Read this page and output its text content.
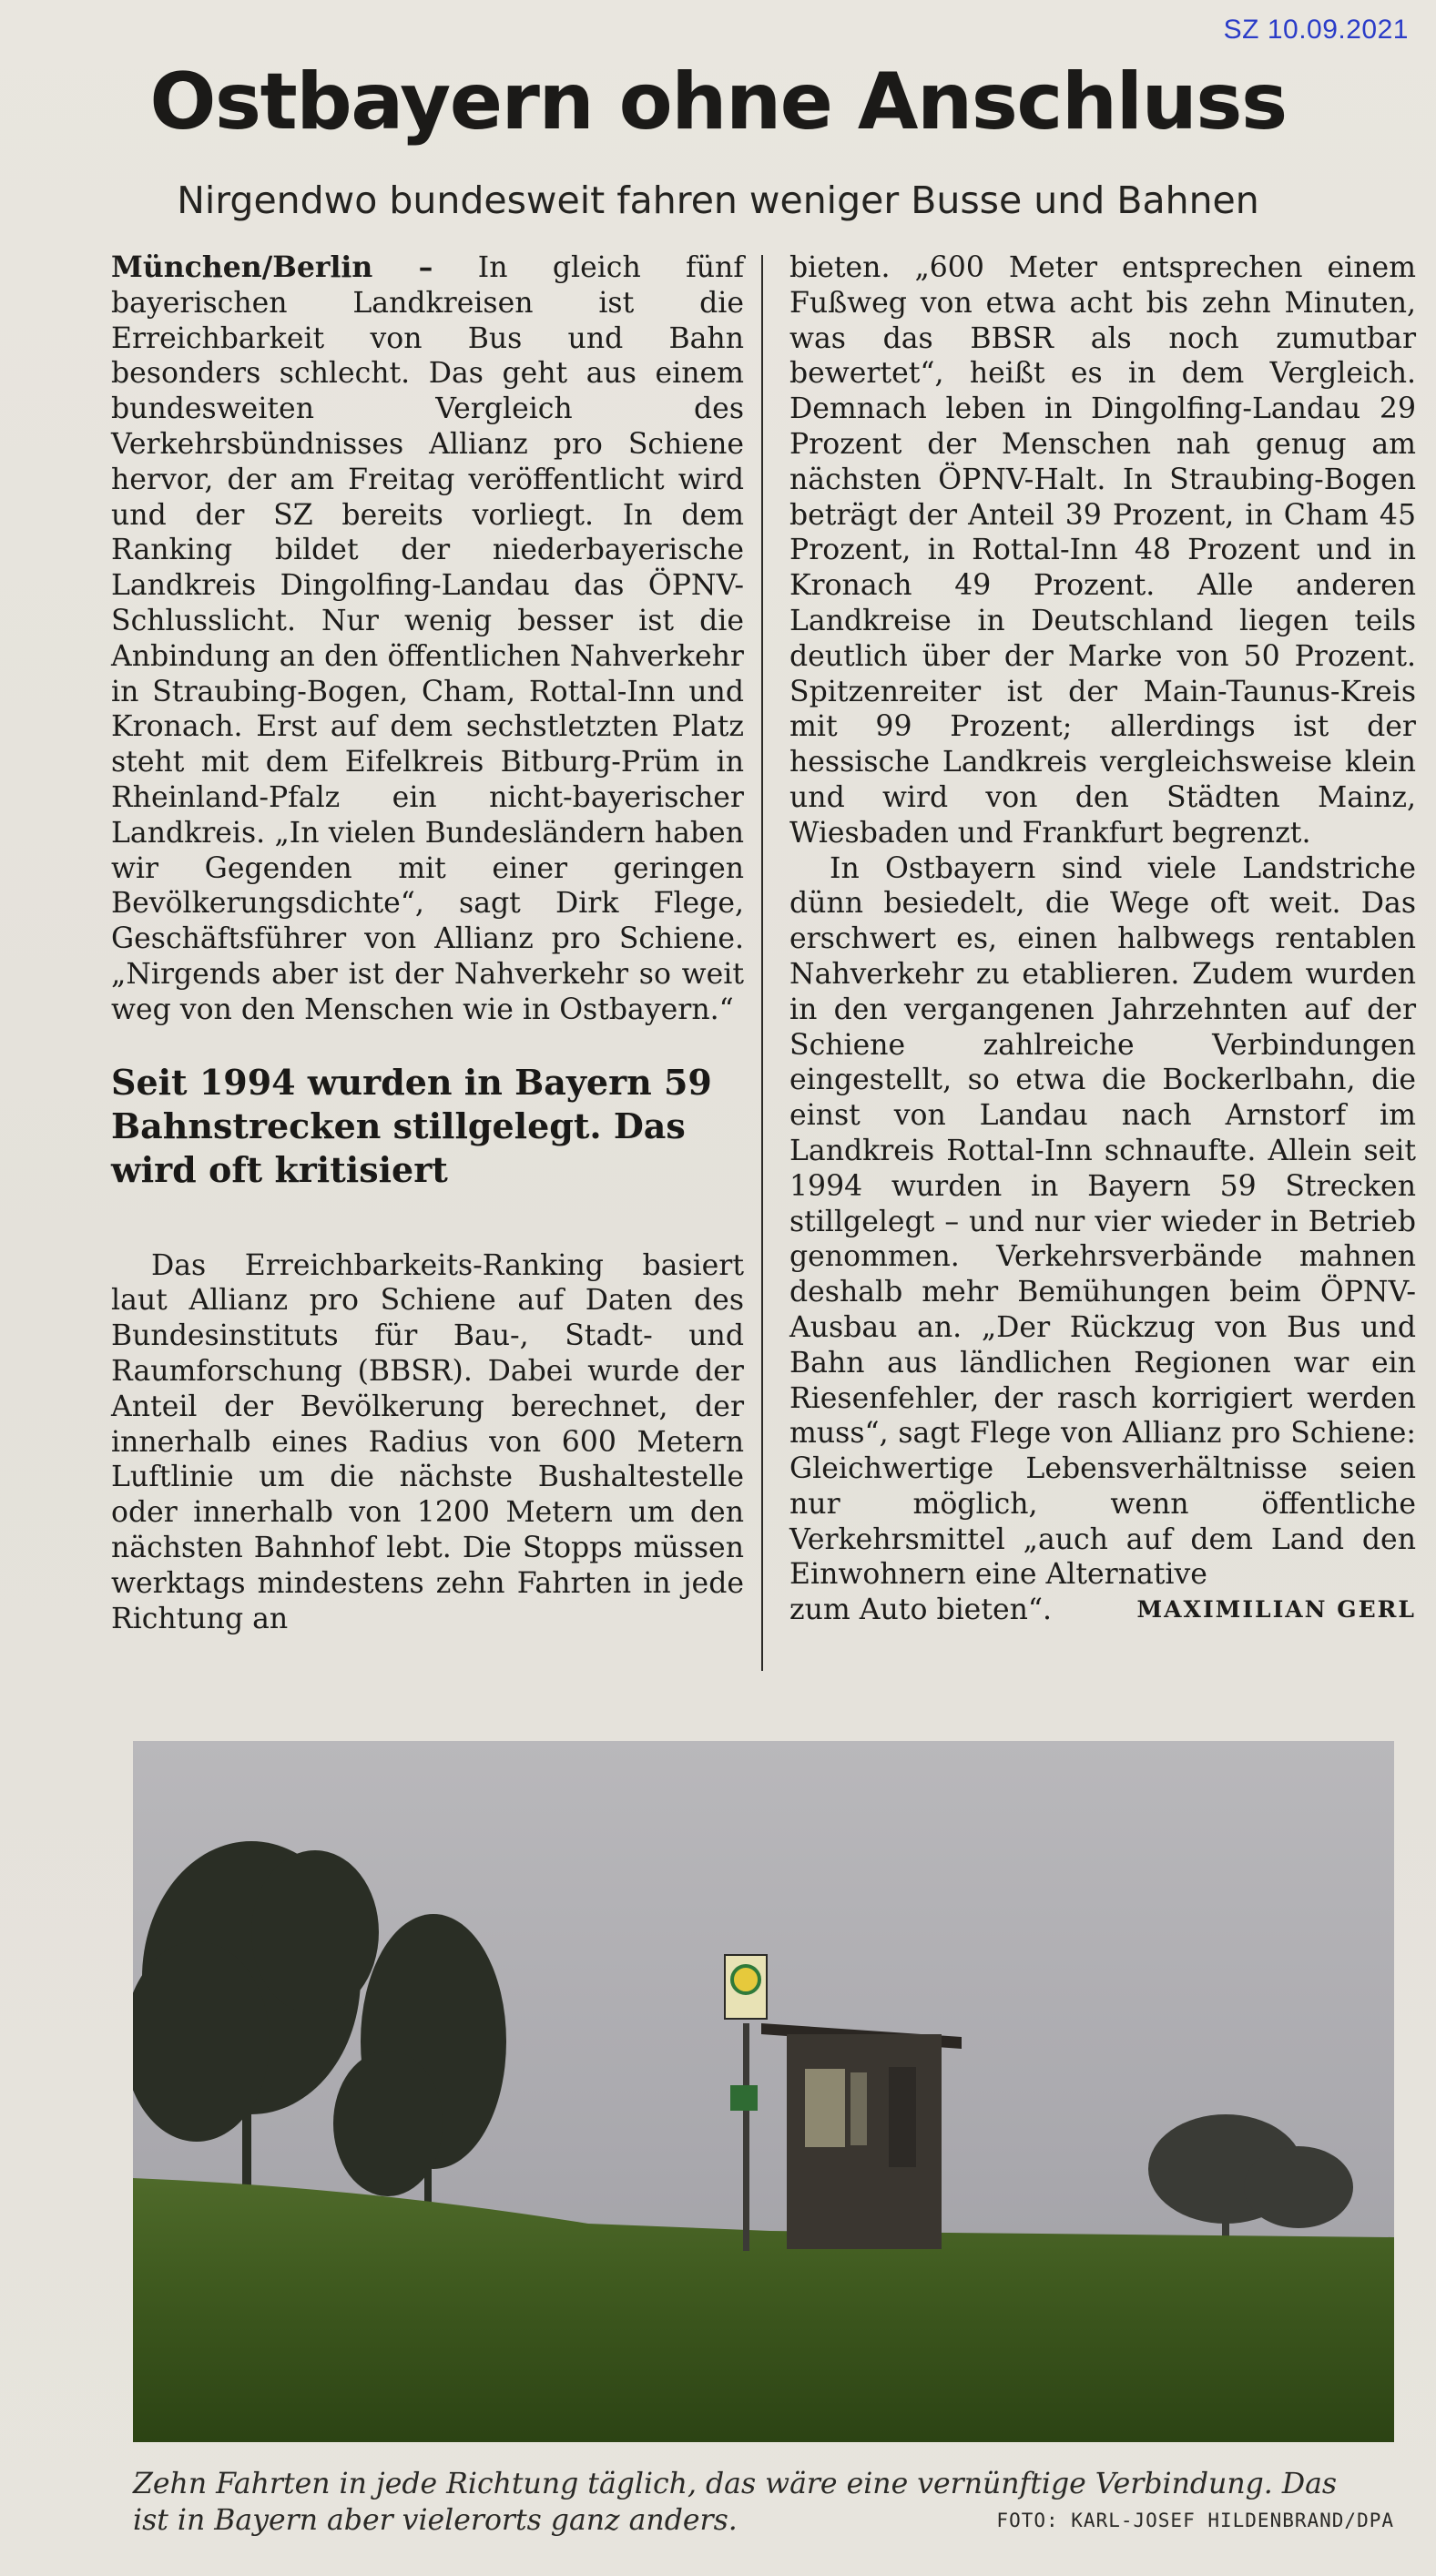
SZ 10.09.2021
Ostbayern ohne Anschluss
Nirgendwo bundesweit fahren weniger Busse und Bahnen

München/Berlin – In gleich fünf bayerischen Landkreisen ist die Erreichbarkeit von Bus und Bahn besonders schlecht. Das geht aus einem bundesweiten Vergleich des Verkehrsbündnisses Allianz pro Schiene hervor, der am Freitag veröffentlicht wird und der SZ bereits vorliegt. In dem Ranking bildet der niederbayerische Landkreis Dingolfing-Landau das ÖPNV-Schlusslicht. Nur wenig besser ist die Anbindung an den öffentlichen Nahverkehr in Straubing-Bogen, Cham, Rottal-Inn und Kronach. Erst auf dem sechstletzten Platz steht mit dem Eifelkreis Bitburg-Prüm in Rheinland-Pfalz ein nicht-bayerischer Landkreis. „In vielen Bundesländern haben wir Gegenden mit einer geringen Bevölkerungsdichte“, sagt Dirk Flege, Geschäftsführer von Allianz pro Schiene. „Nirgends aber ist der Nahverkehr so weit weg von den Menschen wie in Ostbayern.“

Seit 1994 wurden in Bayern 59 Bahnstrecken stillgelegt. Das wird oft kritisiert

Das Erreichbarkeits-Ranking basiert laut Allianz pro Schiene auf Daten des Bundesinstituts für Bau-, Stadt- und Raumforschung (BBSR). Dabei wurde der Anteil der Bevölkerung berechnet, der innerhalb eines Radius von 600 Metern Luftlinie um die nächste Bushaltestelle oder innerhalb von 1200 Metern um den nächsten Bahnhof lebt. Die Stopps müssen werktags mindestens zehn Fahrten in jede Richtung an

bieten. „600 Meter entsprechen einem Fußweg von etwa acht bis zehn Minuten, was das BBSR als noch zumutbar bewertet“, heißt es in dem Vergleich. Demnach leben in Dingolfing-Landau 29 Prozent der Menschen nah genug am nächsten ÖPNV-Halt. In Straubing-Bogen beträgt der Anteil 39 Prozent, in Cham 45 Prozent, in Rottal-Inn 48 Prozent und in Kronach 49 Prozent. Alle anderen Landkreise in Deutschland liegen teils deutlich über der Marke von 50 Prozent. Spitzenreiter ist der Main-Taunus-Kreis mit 99 Prozent; allerdings ist der hessische Landkreis vergleichsweise klein und wird von den Städten Mainz, Wiesbaden und Frankfurt begrenzt.

In Ostbayern sind viele Landstriche dünn besiedelt, die Wege oft weit. Das erschwert es, einen halbwegs rentablen Nahverkehr zu etablieren. Zudem wurden in den vergangenen Jahrzehnten auf der Schiene zahlreiche Verbindungen eingestellt, so etwa die Bockerlbahn, die einst von Landau nach Arnstorf im Landkreis Rottal-Inn schnaufte. Allein seit 1994 wurden in Bayern 59 Strecken stillgelegt – und nur vier wieder in Betrieb genommen. Verkehrsverbände mahnen deshalb mehr Bemühungen beim ÖPNV-Ausbau an. „Der Rückzug von Bus und Bahn aus ländlichen Regionen war ein Riesenfehler, der rasch korrigiert werden muss“, sagt Flege von Allianz pro Schiene: Gleichwertige Lebensverhältnisse seien nur möglich, wenn öffentliche Verkehrsmittel „auch auf dem Land den Einwohnern eine Alternative

zum Auto bieten“.	MAXIMILIAN GERL
Zehn Fahrten in jede Richtung täglich, das wäre eine vernünftige Verbindung. Das
ist in Bayern aber vielerorts ganz anders.	FOTO: KARL-JOSEF HILDENBRAND/DPA
